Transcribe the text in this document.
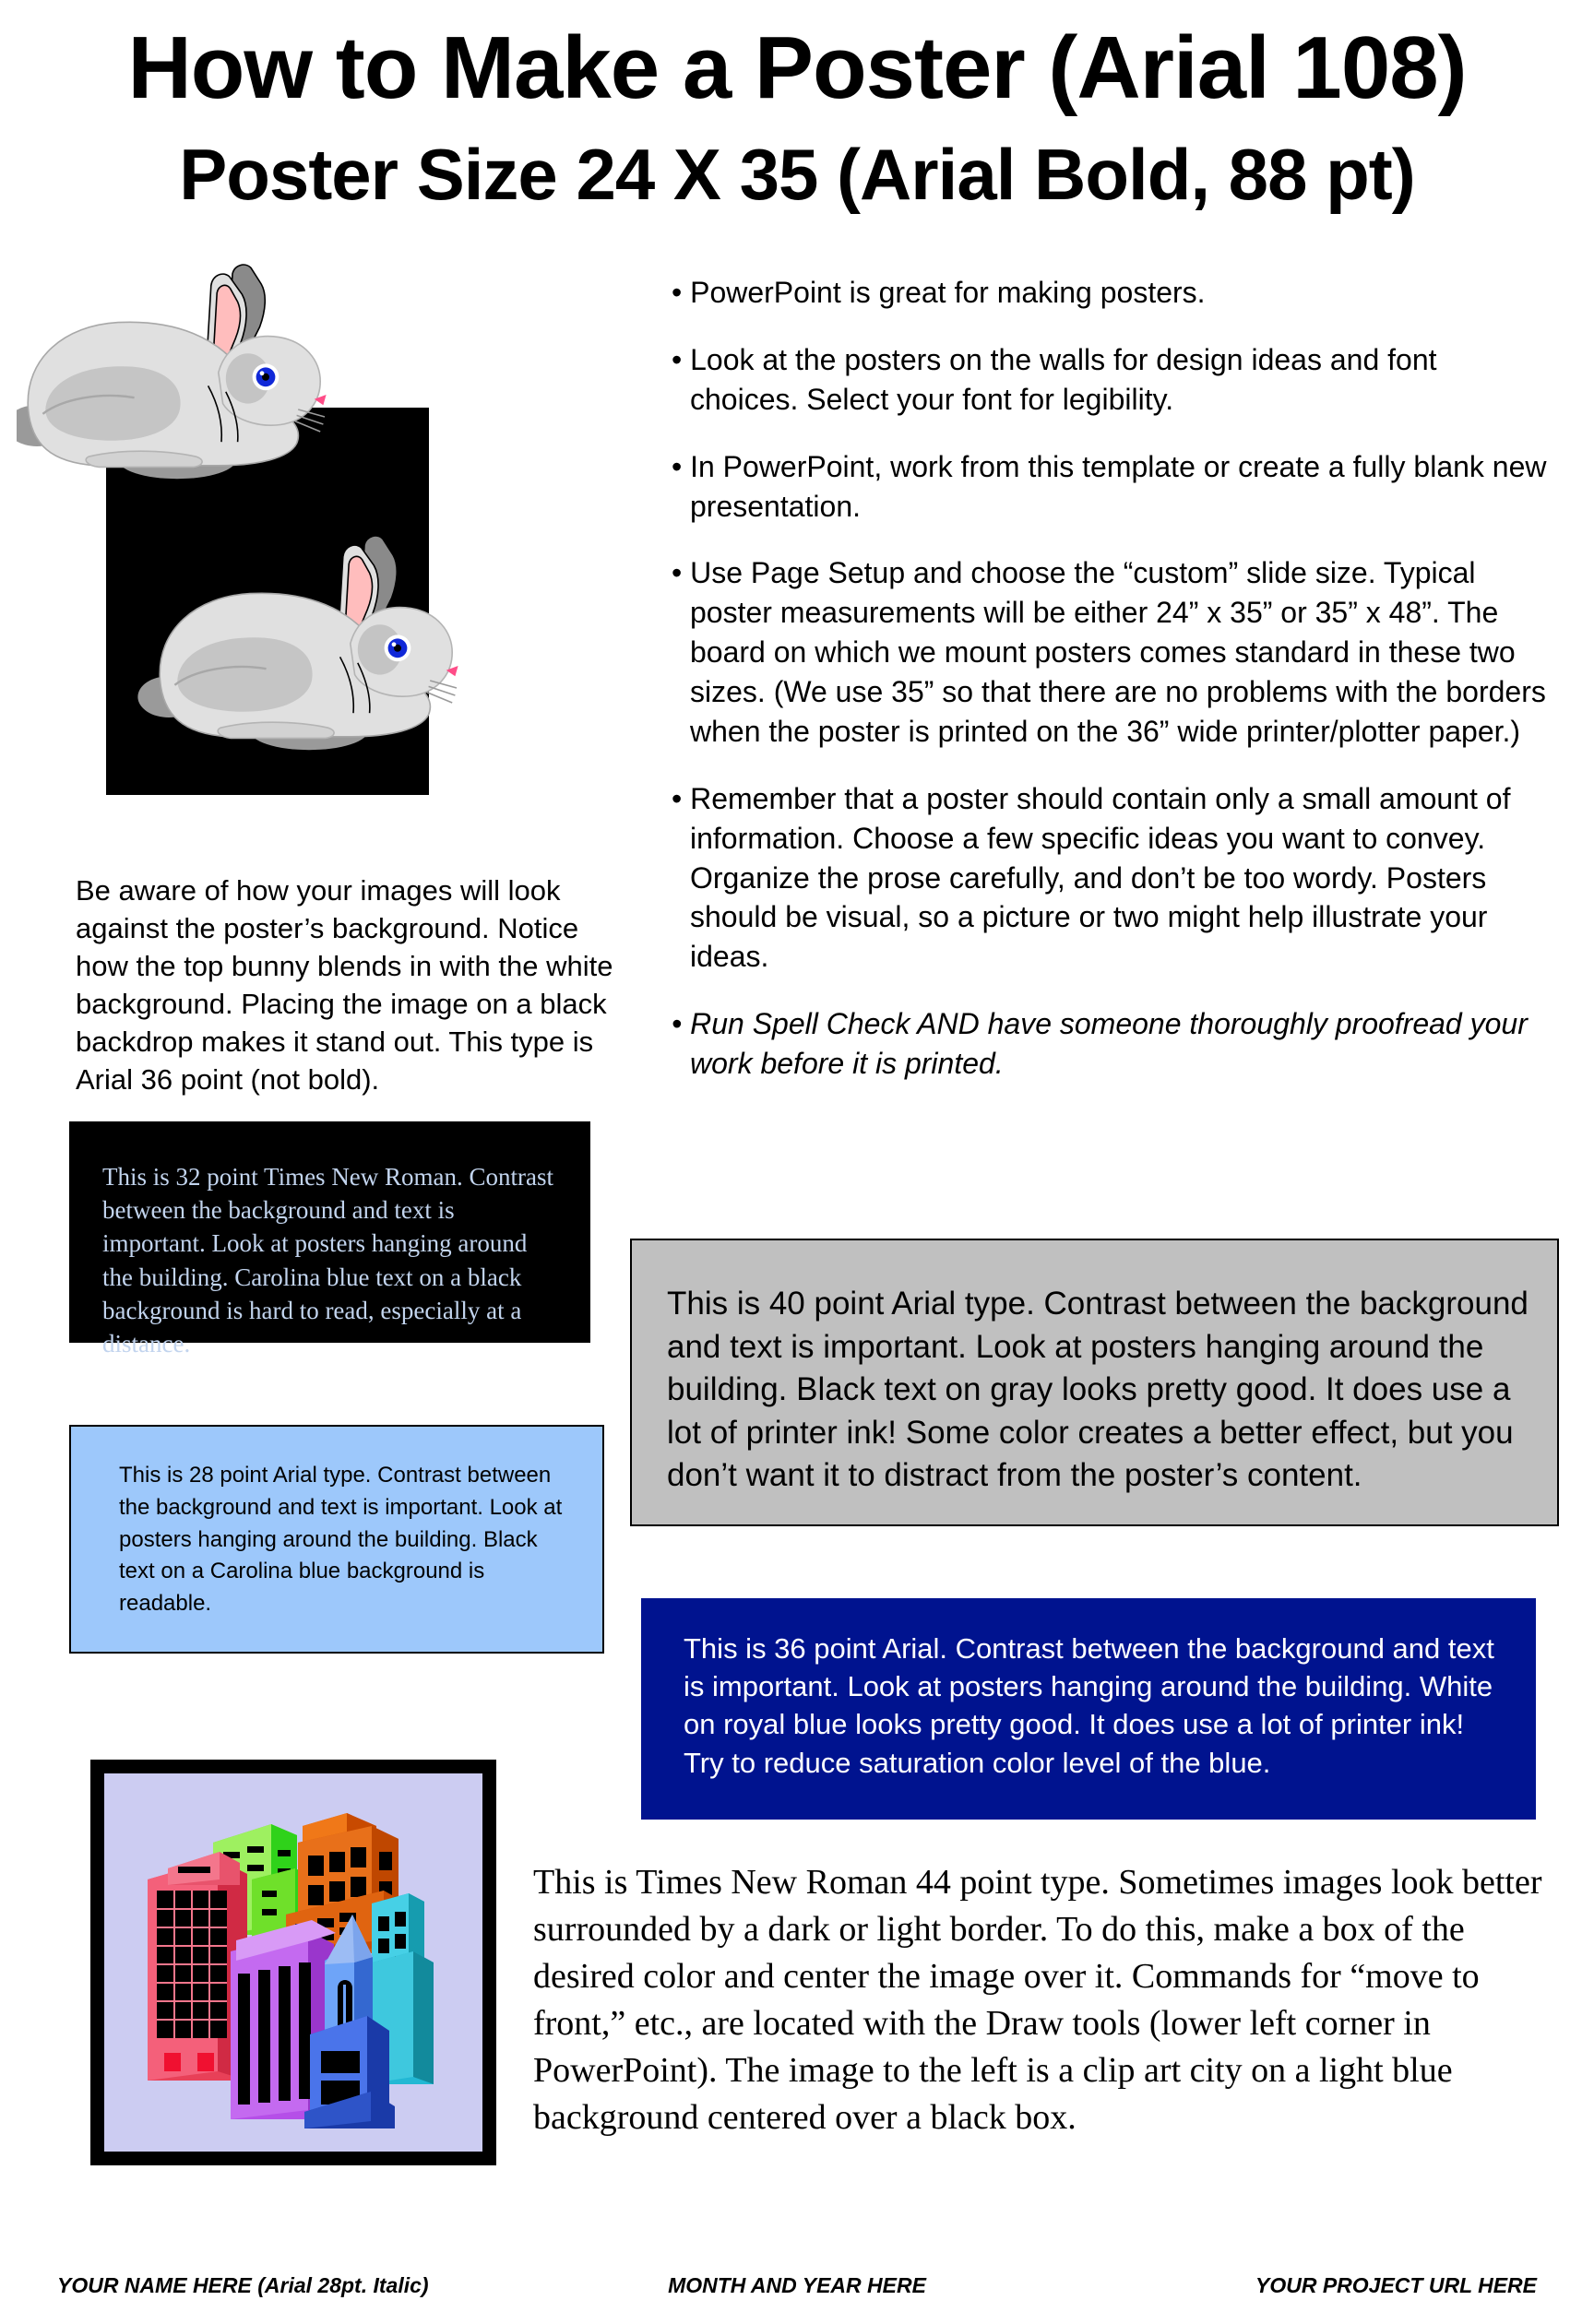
How to Make a Poster (Arial 108)
Poster Size 24 X 35 (Arial Bold, 88 pt)
Be aware of how your images will look against the poster’s background. Notice how the top bunny blends in with the white background. Placing the image on a black backdrop makes it stand out. This type is Arial 36 point (not bold).
This is 32 point Times New Roman. Contrast between the background and text is important. Look at posters hanging around the building. Carolina blue text on a black background is hard to read, especially at a distance.
This is 28 point Arial type. Contrast between the background and text is important. Look at posters hanging around the building. Black text on a Carolina blue background is readable.
• PowerPoint is great for making posters.
• Look at the posters on the walls for design ideas and font choices. Select your font for legibility.
• In PowerPoint, work from this template or create a fully blank new presentation.
• Use Page Setup and choose the “custom” slide size. Typical poster measurements will be either 24” x 35” or 35” x 48”. The board on which we mount posters comes standard in these two sizes. (We use 35” so that there are no problems with the borders when the poster is printed on the 36” wide printer/plotter paper.)
• Remember that a poster should contain only a small amount of information. Choose a few specific ideas you want to convey. Organize the prose carefully, and don’t be too wordy. Posters should be visual, so a picture or two might help illustrate your ideas.
• Run Spell Check AND have someone thoroughly proofread your work before it is printed.
This is 40 point Arial type. Contrast between the background and text is important. Look at posters hanging around the building. Black text on gray looks pretty good. It does use a lot of printer ink! Some color creates a better effect, but you don’t want it to distract from the poster’s content.
This is 36 point Arial. Contrast between the background and text is important. Look at posters hanging around the building. White on royal blue looks pretty good. It does use a lot of printer ink! Try to reduce saturation color level of the blue.
This is Times New Roman 44 point type. Sometimes images look better surrounded by a dark or light border. To do this, make a box of the desired color and center the image over it. Commands for “move to front,” etc., are located with the Draw tools (lower left corner in PowerPoint). The image to the left is a clip art city on a light blue background centered over a black box.
YOUR NAME HERE (Arial 28pt. Italic)	MONTH AND YEAR HERE	YOUR PROJECT URL HERE
